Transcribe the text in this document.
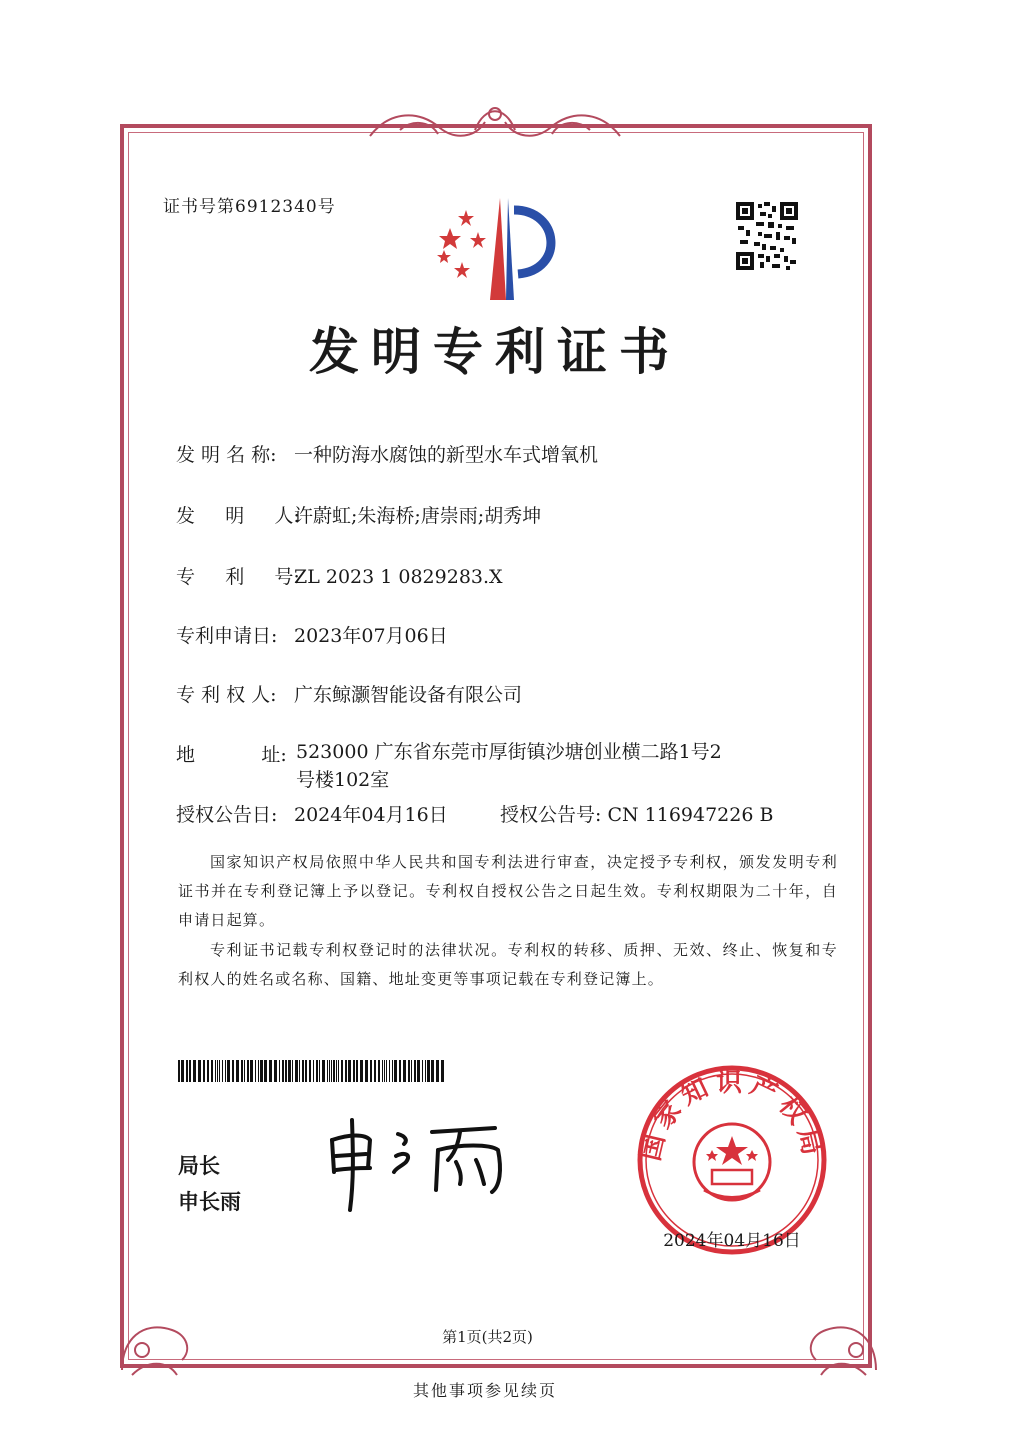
证书号第6912340号
发明专利证书
发 明 名 称: 一种防海水腐蚀的新型水车式增氧机
发     明     人:许蔚虹;朱海桥;唐崇雨;胡秀坤
专     利     号:ZL 2023 1 0829283.X
专利申请日: 2023年07月06日
专 利 权 人: 广东鲸灏智能设备有限公司
地           址: 523000 广东省东莞市厚街镇沙塘创业横二路1号2号楼102室
授权公告日: 2024年04月16日	授权公告号: CN 116947226 B
国家知识产权局依照中华人民共和国专利法进行审查，决定授予专利权，颁发发明专利证书并在专利登记簿上予以登记。专利权自授权公告之日起生效。专利权期限为二十年，自申请日起算。
专利证书记载专利权登记时的法律状况。专利权的转移、质押、无效、终止、恢复和专利权人的姓名或名称、国籍、地址变更等事项记载在专利登记簿上。
局长
申长雨
国家知识产权局
2024年04月16日
第1页(共2页)
其他事项参见续页
